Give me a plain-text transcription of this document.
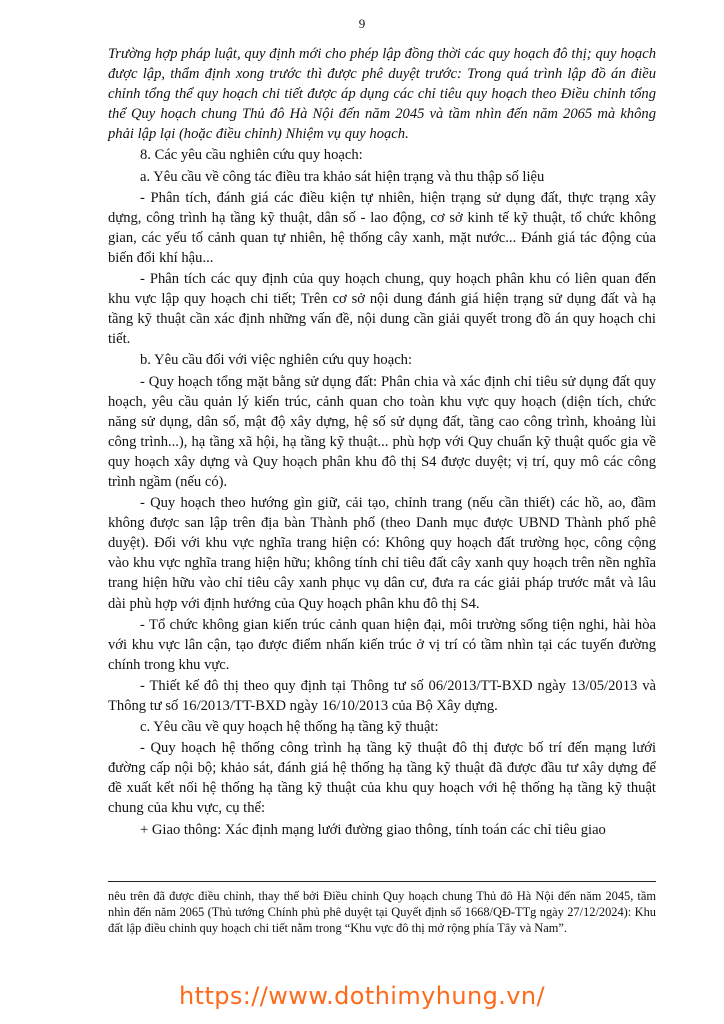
9

Trường hợp pháp luật, quy định mới cho phép lập đồng thời các quy hoạch đô thị; quy hoạch được lập, thẩm định xong trước thì được phê duyệt trước: Trong quá trình lập đồ án điều chỉnh tổng thể quy hoạch chi tiết được áp dụng các chỉ tiêu quy hoạch theo Điều chỉnh tổng thể Quy hoạch chung Thủ đô Hà Nội đến năm 2045 và tầm nhìn đến năm 2065 mà không phải lập lại (hoặc điều chỉnh) Nhiệm vụ quy hoạch.

8. Các yêu cầu nghiên cứu quy hoạch:

a. Yêu cầu về công tác điều tra khảo sát hiện trạng và thu thập số liệu

- Phân tích, đánh giá các điều kiện tự nhiên, hiện trạng sử dụng đất, thực trạng xây dựng, công trình hạ tầng kỹ thuật, dân số - lao động, cơ sở kinh tế kỹ thuật, tổ chức không gian, các yếu tố cảnh quan tự nhiên, hệ thống cây xanh, mặt nước... Đánh giá tác động của biến đổi khí hậu...

- Phân tích các quy định của quy hoạch chung, quy hoạch phân khu có liên quan đến khu vực lập quy hoạch chi tiết; Trên cơ sở nội dung đánh giá hiện trạng sử dụng đất và hạ tầng kỹ thuật cần xác định những vấn đề, nội dung cần giải quyết trong đồ án quy hoạch chi tiết.

b. Yêu cầu đối với việc nghiên cứu quy hoạch:

- Quy hoạch tổng mặt bằng sử dụng đất: Phân chia và xác định chỉ tiêu sử dụng đất quy hoạch, yêu cầu quản lý kiến trúc, cảnh quan cho toàn khu vực quy hoạch (diện tích, chức năng sử dụng, dân số, mật độ xây dựng, hệ số sử dụng đất, tầng cao công trình, khoảng lùi công trình...), hạ tầng xã hội, hạ tầng kỹ thuật... phù hợp với Quy chuẩn kỹ thuật quốc gia về quy hoạch xây dựng và Quy hoạch phân khu đô thị S4 được duyệt; vị trí, quy mô các công trình ngầm (nếu có).

- Quy hoạch theo hướng gìn giữ, cải tạo, chỉnh trang (nếu cần thiết) các hồ, ao, đầm không được san lập trên địa bàn Thành phố (theo Danh mục được UBND Thành phố phê duyệt). Đối với khu vực nghĩa trang hiện có: Không quy hoạch đất trường học, công cộng vào khu vực nghĩa trang hiện hữu; không tính chỉ tiêu đất cây xanh quy hoạch trên nền nghĩa trang hiện hữu vào chỉ tiêu cây xanh phục vụ dân cư, đưa ra các giải pháp trước mắt và lâu dài phù hợp với định hướng của Quy hoạch phân khu đô thị S4.

- Tổ chức không gian kiến trúc cảnh quan hiện đại, môi trường sống tiện nghi, hài hòa với khu vực lân cận, tạo được điểm nhấn kiến trúc ở vị trí có tầm nhìn tại các tuyến đường chính trong khu vực.

- Thiết kế đô thị theo quy định tại Thông tư số 06/2013/TT-BXD ngày 13/05/2013 và Thông tư số 16/2013/TT-BXD ngày 16/10/2013 của Bộ Xây dựng.

c. Yêu cầu về quy hoạch hệ thống hạ tầng kỹ thuật:

- Quy hoạch hệ thống công trình hạ tầng kỹ thuật đô thị được bố trí đến mạng lưới đường cấp nội bộ; khảo sát, đánh giá hệ thống hạ tầng kỹ thuật đã được đầu tư xây dựng để đề xuất kết nối hệ thống hạ tầng kỹ thuật của khu quy hoạch với hệ thống hạ tầng kỹ thuật chung của khu vực, cụ thể:

+ Giao thông: Xác định mạng lưới đường giao thông, tính toán các chỉ tiêu giao

nêu trên đã được điều chỉnh, thay thế bởi Điều chỉnh Quy hoạch chung Thủ đô Hà Nội đến năm 2045, tầm nhìn đến năm 2065 (Thủ tướng Chính phủ phê duyệt tại Quyết định số 1668/QĐ-TTg ngày 27/12/2024): Khu đất lập điều chỉnh quy hoạch chi tiết nằm trong “Khu vực đô thị mở rộng phía Tây và Nam”.

https://www.dothimyhung.vn/
